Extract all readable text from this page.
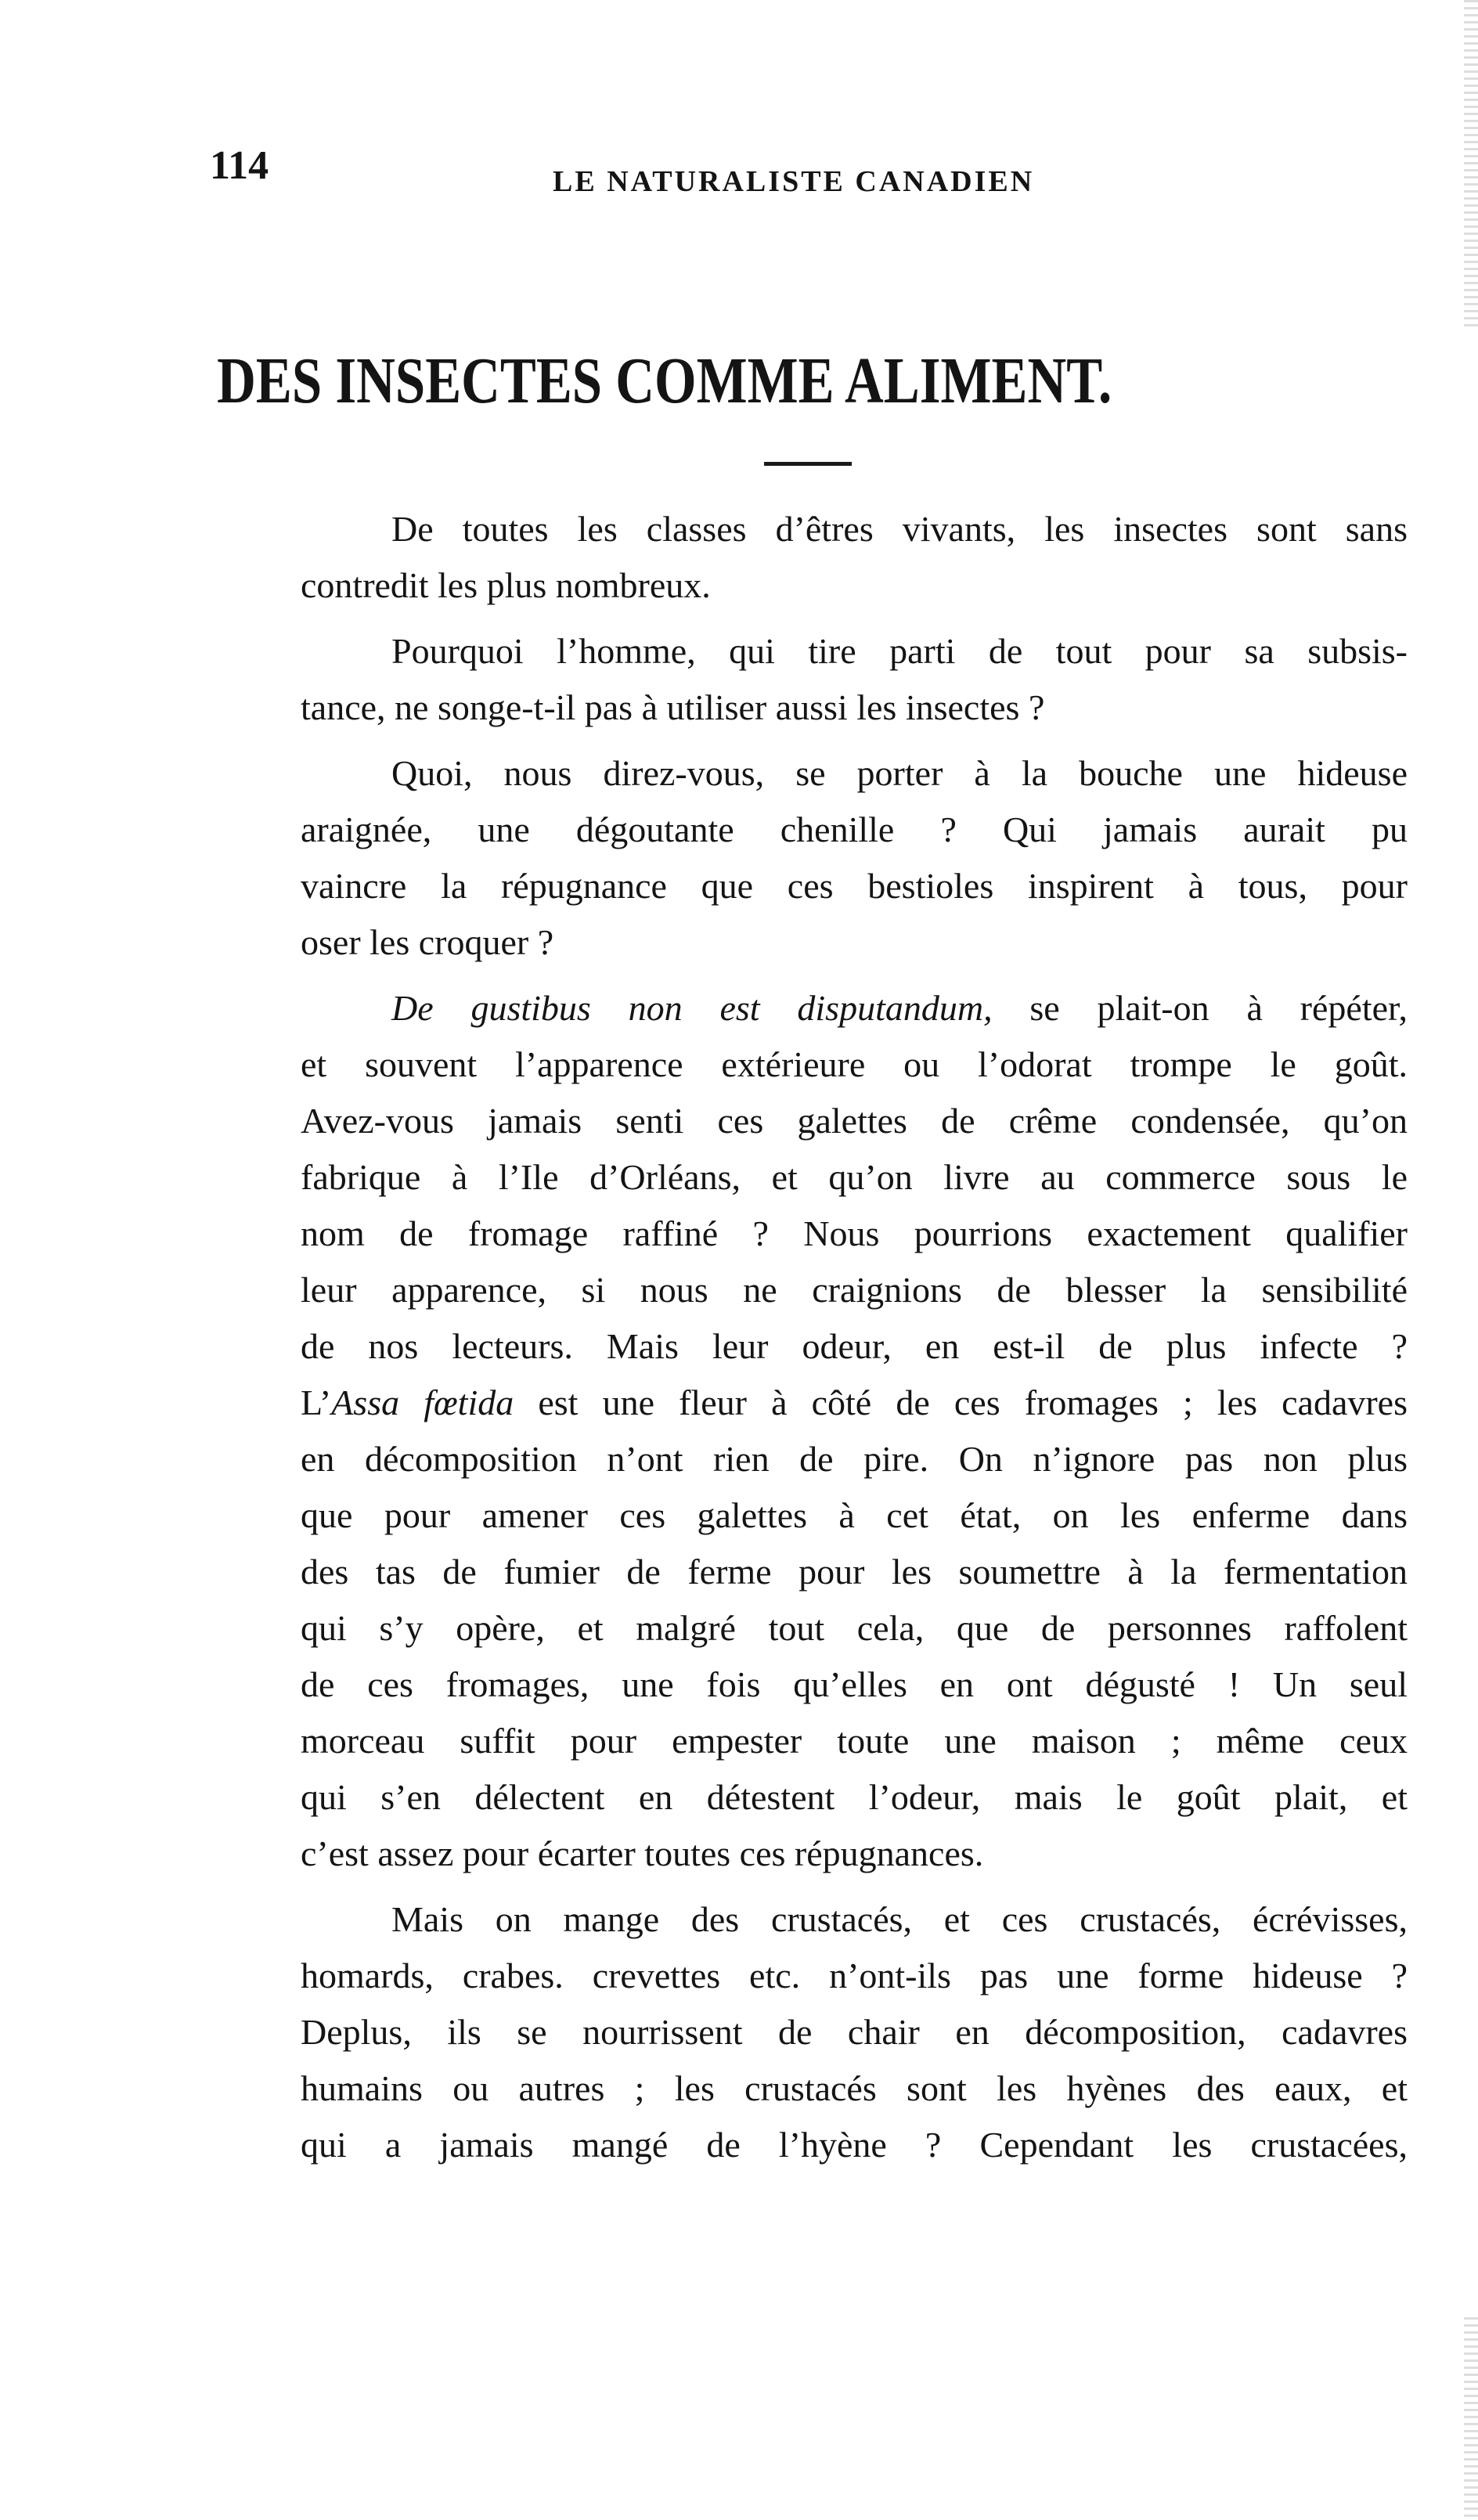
114	LE NATURALISTE CANADIEN
DES INSECTES COMME ALIMENT.
De toutes les classes d’êtres vivants, les insectes sont sans
contredit les plus nombreux.
Pourquoi l’homme, qui tire parti de tout pour sa subsis-
tance, ne songe-t-il pas à utiliser aussi les insectes ?
Quoi, nous direz-vous, se porter à la bouche une hideuse
araignée, une dégoutante chenille ? Qui jamais aurait pu
vaincre la répugnance que ces bestioles inspirent à tous, pour
oser les croquer ?
De gustibus non est disputandum, se plait-on à répéter,
et souvent l’apparence extérieure ou l’odorat trompe le goût.
Avez-vous jamais senti ces galettes de crême condensée, qu’on
fabrique à l’Ile d’Orléans, et qu’on livre au commerce sous le
nom de fromage raffiné ? Nous pourrions exactement qualifier
leur apparence, si nous ne craignions de blesser la sensibilité
de nos lecteurs. Mais leur odeur, en est-il de plus infecte ?
L’Assa fœtida est une fleur à côté de ces fromages ; les cadavres
en décomposition n’ont rien de pire. On n’ignore pas non plus
que pour amener ces galettes à cet état, on les enferme dans
des tas de fumier de ferme pour les soumettre à la fermentation
qui s’y opère, et malgré tout cela, que de personnes raffolent
de ces fromages, une fois qu’elles en ont dégusté ! Un seul
morceau suffit pour empester toute une maison ; même ceux
qui s’en délectent en détestent l’odeur, mais le goût plait, et
c’est assez pour écarter toutes ces répugnances.
Mais on mange des crustacés, et ces crustacés, écrévisses,
homards, crabes. crevettes etc. n’ont-ils pas une forme hideuse ?
Deplus, ils se nourrissent de chair en décomposition, cadavres
humains ou autres ; les crustacés sont les hyènes des eaux, et
qui a jamais mangé de l’hyène ? Cependant les crustacées,
